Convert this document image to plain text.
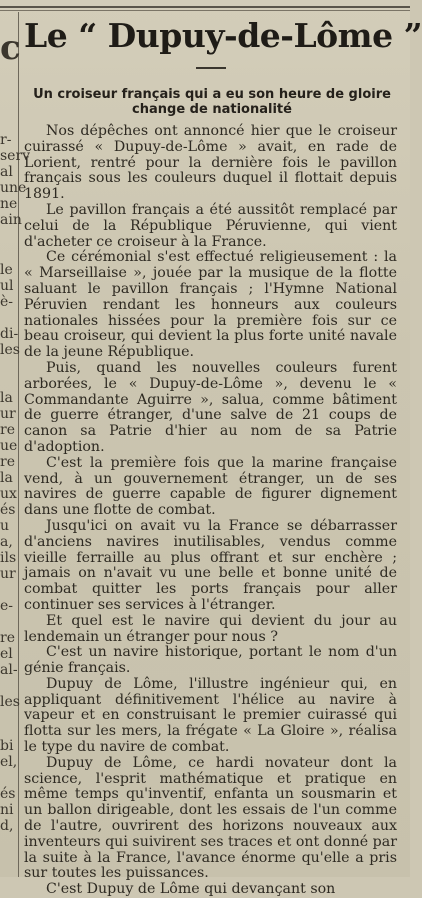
c
r-
serv
al
une
ne
ain
le
ul
è-
di-
les
la
ur
re
ue
re
la
ux
és
u
a,
ils
ur
e-
re
el
al-
les
bi
el,
és
ni
d,
Le “ Dupuy-de-Lôme ”
Un croiseur français qui a eu son heure de gloire change de nationalité

Nos dépêches ont annoncé hier que le croiseur cuirassé « Dupuy-de-Lôme » avait, en rade de Lorient, rentré pour la dernière fois le pavillon français sous les couleurs duquel il flottait depuis 1891.

Le pavillon français a été aussitôt remplacé par celui de la République Péruvienne, qui vient d'acheter ce croiseur à la France.

Ce cérémonial s'est effectué religieusement : la « Marseillaise », jouée par la musique de la flotte saluant le pavillon français ; l'Hymne National Péruvien rendant les honneurs aux couleurs nationales hissées pour la première fois sur ce beau croiseur, qui devient la plus forte unité navale de la jeune République.

Puis, quand les nouvelles couleurs furent arborées, le « Dupuy-de-Lôme », devenu le « Commandante Aguirre », salua, comme bâtiment de guerre étranger, d'une salve de 21 coups de canon sa Patrie d'hier au nom de sa Patrie d'adoption.

C'est la première fois que la marine française vend, à un gouvernement étranger, un de ses navires de guerre capable de figurer dignement dans une flotte de combat.

Jusqu'ici on avait vu la France se débarrasser d'anciens navires inutilisables, vendus comme vieille ferraille au plus offrant et sur enchère ; jamais on n'avait vu une belle et bonne unité de combat quitter les ports français pour aller continuer ses services à l'étranger.

Et quel est le navire qui devient du jour au lendemain un étranger pour nous ?

C'est un navire historique, portant le nom d'un génie français.

Dupuy de Lôme, l'illustre ingénieur qui, en appliquant définitivement l'hélice au navire à vapeur et en construisant le premier cuirassé qui flotta sur les mers, la frégate « La Gloire », réalisa le type du navire de combat.

Dupuy de Lôme, ce hardi novateur dont la science, l'esprit mathématique et pratique en même temps qu'inventif, enfanta un sousmarin et un ballon dirigeable, dont les essais de l'un comme de l'autre, ouvrirent des horizons nouveaux aux inventeurs qui suivirent ses traces et ont donné par la suite à la France, l'avance énorme qu'elle a pris sur toutes les puissances.

C'est Dupuy de Lôme qui devançant son
